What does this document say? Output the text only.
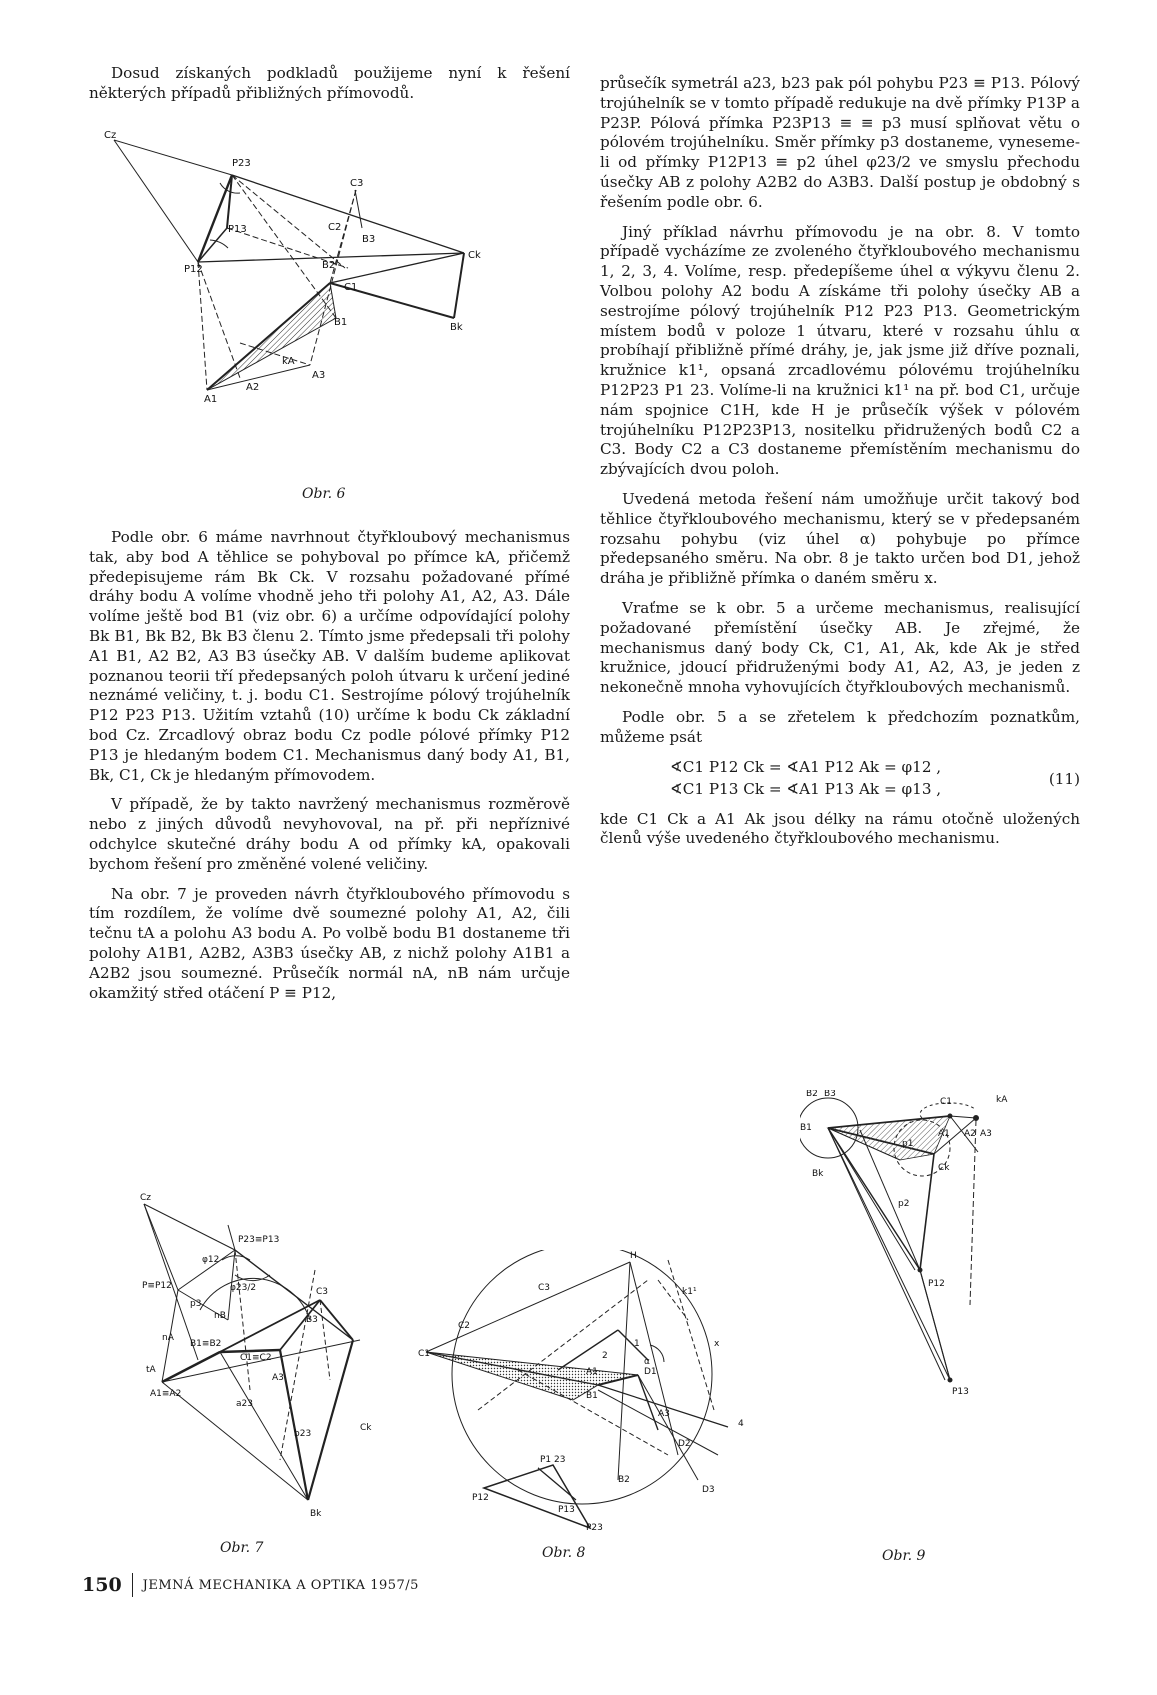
Dosud získaných podkladů použijeme nyní k řešení některých případů přibližných přímovodů.

Cz
P23
C3
P13	C2
B3
Ck
P12	B2
C1
B1	Bk
kA
A3
A1
A2
Obr. 6

Podle obr. 6 máme navrhnout čtyřkloubový mechanismus tak, aby bod A těhlice se pohyboval po přímce kA, přičemž předepisujeme rám Bk Ck. V rozsahu požadované přímé dráhy bodu A volíme vhodně jeho tři polohy A1, A2, A3. Dále volíme ještě bod B1 (viz obr. 6) a určíme odpovídající polohy Bk B1, Bk B2, Bk B3 členu 2. Tímto jsme předepsali tři polohy A1 B1, A2 B2, A3 B3 úsečky AB. V dalším budeme aplikovat poznanou teorii tří předepsaných poloh útvaru k určení jediné neznámé veličiny, t. j. bodu C1. Sestrojíme pólový trojúhelník P12 P23 P13. Užitím vztahů (10) určíme k bodu Ck základní bod Cz. Zrcadlový obraz bodu Cz podle pólové přímky P12 P13 je hledaným bodem C1. Mechanismus daný body A1, B1, Bk, C1, Ck je hledaným přímovodem.

V případě, že by takto navržený mechanismus rozměrově nebo z jiných důvodů nevyhovoval, na př. při nepříznivé odchylce skutečné dráhy bodu A od přímky kA, opakovali bychom řešení pro změněné volené veličiny.

Na obr. 7 je proveden návrh čtyřkloubového přímovodu s tím rozdílem, že volíme dvě soumezné polohy A1, A2, čili tečnu tA a polohu A3 bodu A. Po volbě bodu B1 dostaneme tři polohy A1B1, A2B2, A3B3 úsečky AB, z nichž polohy A1B1 a A2B2 jsou soumezné. Průsečík normál nA, nB nám určuje okamžitý střed otáčení P ≡ P12,

průsečík symetrál a23, b23 pak pól pohybu P23 ≡ P13. Pólový trojúhelník se v tomto případě redukuje na dvě přímky P13P a P23P. Pólová přímka P23P13 ≡ ≡ p3 musí splňovat větu o pólovém trojúhelníku. Směr přímky p3 dostaneme, vyneseme-li od přímky P12P13 ≡ p2 úhel φ23/2 ve smyslu přechodu úsečky AB z polohy A2B2 do A3B3. Další postup je obdobný s řešením podle obr. 6.

Jiný příklad návrhu přímovodu je na obr. 8. V tomto případě vycházíme ze zvoleného čtyřkloubového mechanismu 1, 2, 3, 4. Volíme, resp. předepíšeme úhel α výkyvu členu 2. Volbou polohy A2 bodu A získáme tři polohy úsečky AB a sestrojíme pólový trojúhelník P12 P23 P13. Geometrickým místem bodů v poloze 1 útvaru, které v rozsahu úhlu α probíhají přibližně přímé dráhy, je, jak jsme již dříve poznali, kružnice k1¹, opsaná zrcadlovému pólovému trojúhelníku P12P23 P1 23. Volíme-li na kružnici k1¹ na př. bod C1, určuje nám spojnice C1H, kde H je průsečík výšek v pólovém trojúhelníku P12P23P13, nositelku přidružených bodů C2 a C3. Body C2 a C3 dostaneme přemístěním mechanismu do zbývajících dvou poloh.

Uvedená metoda řešení nám umožňuje určit takový bod těhlice čtyřkloubového mechanismu, který se v předepsaném rozsahu pohybu (viz úhel α) pohybuje po přímce předepsaného směru. Na obr. 8 je takto určen bod D1, jehož dráha je přibližně přímka o daném směru x.

Vraťme se k obr. 5 a určeme mechanismus, realisující požadované přemístění úsečky AB. Je zřejmé, že mechanismus daný body Ck, C1, A1, Ak, kde Ak je střed kružnice, jdoucí přidruženými body A1, A2, A3, je jeden z nekonečně mnoha vyhovujících čtyřkloubových mechanismů.

Podle obr. 5 a se zřetelem k předchozím poznatkům, můžeme psát

∢C1 P12 Ck = ∢A1 P12 Ak = φ12 ,
∢C1 P13 Ck = ∢A1 P13 Ak = φ13 ,
(11)

kde C1 Ck a A1 Ak jsou délky na rámu otočně uložených členů výše uvedeného čtyřkloubového mechanismu.

Cz
P23≡P13
P≡P12
φ12
φ23/2	C3
p3
nB	B3
nA
B1≡B2
C1≡C2
tA
A1≡A2
A3
a23
b23
Ck
Bk
Obr. 7
H
C3	k1¹
x
C2
C1
1
2
α
A1	D1
A3
B1
4
D2
B2
D3
P1 23
P12
P13
P23
Obr. 8
B2 B3
C1	kA
B1
A1 A2 A3
p1
Ck
Bk
p2
P12
P13
Obr. 9
150 JEMNÁ MECHANIKA A OPTIKA 1957/5
